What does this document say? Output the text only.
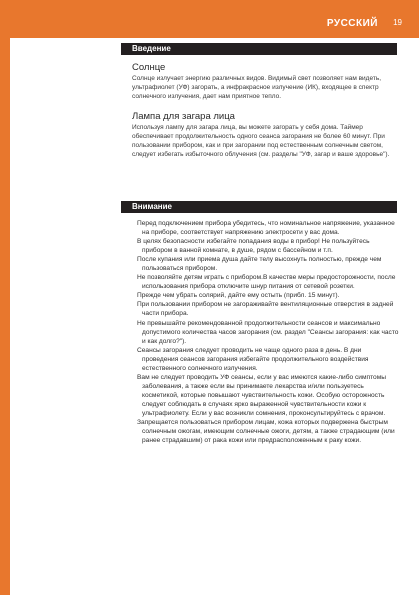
РУССКИЙ 19
Введение

Солнце

Солнце излучает энергию различных видов. Видимый свет позволяет нам видеть, ультрафиолет (УФ) загорать, а инфракрасное излучение (ИК), входящее в спектр солнечного излучения, дает нам приятное тепло.

Лампа для загара лица

Используя лампу для загара лица, вы можете загорать у себя дома. Таймер обеспечивает продолжительность одного сеанса загорания не более 60 минут. При пользовании прибором, как и при загорании под естественным солнечным светом, следует избегать избыточного облучения (см. разделы "УФ, загар и ваше здоровье").

Внимание
Перед подключением прибора убедитесь, что номинальное напряжение, указанное на приборе, соответствует напряжению электросети у вас дома.
В целях безопасности избегайте попадания воды в прибор! Не пользуйтесь прибором в ванной комнате, в душе, рядом с бассейном и т.п.
После купания или приема душа дайте телу высохнуть полностью, прежде чем пользоваться прибором.
Не позволяйте детям играть с прибором.В качестве меры предосторожности, после использования прибора отключите шнур питания от сетевой розетки.
Прежде чем убрать солярий, дайте ему остыть (прибл. 15 минут).
При пользовании прибором не загораживайте вентиляционные отверстия в задней части прибора.
Не превышайте рекомендованной продолжительности сеансов и максимально допустимого количества часов загорания (см. раздел "Сеансы загорания: как часто и как долго?").
Сеансы загорания следует проводить не чаще одного раза в день. В дни проведения сеансов загорания избегайте продолжительного воздействия естественного солнечного излучения.
Вам не следует проводить УФ сеансы, если у вас имеются какие-либо симптомы заболевания, а также если вы принимаете лекарства и/или пользуетесь косметикой, которые повышают чувствительность кожи. Особую осторожность следует соблюдать в случаях ярко выраженной чувствительности кожи к ультрафиолету. Если у вас возникли сомнения, проконсультируйтесь с врачом.
Запрещается пользоваться прибором лицам, кожа которых подвержена быстрым солнечным ожогам, имеющим солнечные ожоги, детям, а также страдающим (или ранее страдавшим) от рака кожи или предрасположенным к раку кожи.
